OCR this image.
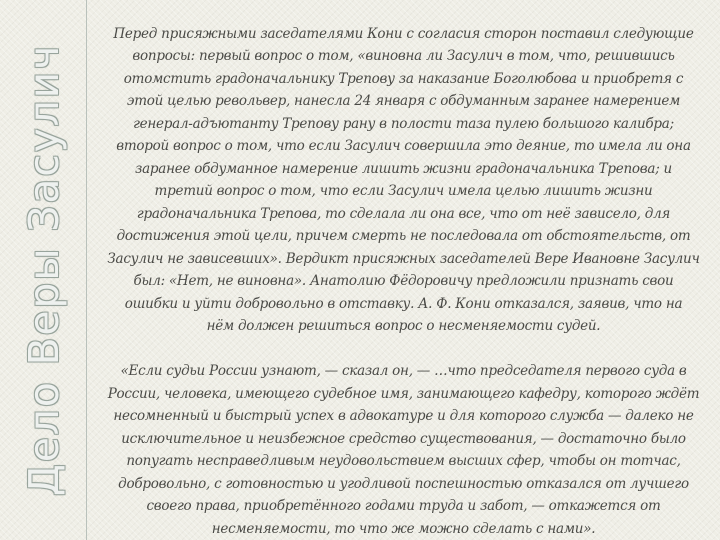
Дело Веры Засулич

Перед присяжными заседателями Кони с согласия сторон поставил следующие
вопросы: первый вопрос о том, «виновна ли Засулич в том, что, решившись
отомстить градоначальнику Трепову за наказание Боголюбова и приобретя с
этой целью револьвер, нанесла 24 января с обдуманным заранее намерением
генерал-адъютанту Трепову рану в полости таза пулею большого калибра;
второй вопрос о том, что если Засулич совершила это деяние, то имела ли она
заранее обдуманное намерение лишить жизни градоначальника Трепова; и
третий вопрос о том, что если Засулич имела целью лишить жизни
градоначальника Трепова, то сделала ли она все, что от неё зависело, для
достижения этой цели, причем смерть не последовала от обстоятельств, от
Засулич не зависевших». Вердикт присяжных заседателей Вере Ивановне Засулич
был: «Нет, не виновна». Анатолию Фёдоровичу предложили признать свои
ошибки и уйти добровольно в отставку. А. Ф. Кони отказался, заявив, что на
нём должен решиться вопрос о несменяемости судей.

«Если судьи России узнают, — сказал он, — …что председателя первого суда в
России, человека, имеющего судебное имя, занимающего кафедру, которого ждёт
несомненный и быстрый успех в адвокатуре и для которого служба — далеко не
исключительное и неизбежное средство существования, — достаточно было
попугать несправедливым неудовольствием высших сфер, чтобы он тотчас,
добровольно, с готовностью и угодливой поспешностью отказался от лучшего
своего права, приобретённого годами труда и забот, — откажется от
несменяемости, то что же можно сделать с нами».
